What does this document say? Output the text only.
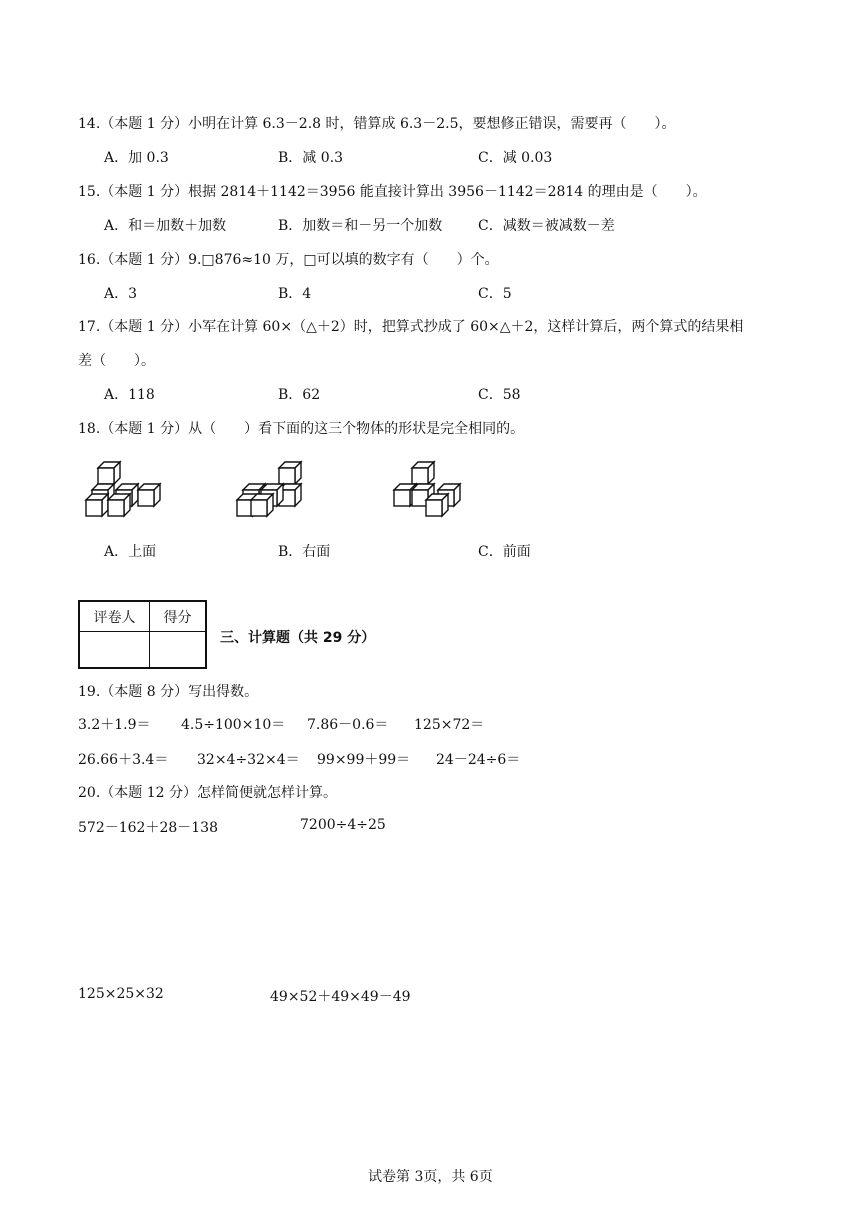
14.（本题 1 分）小明在计算 6.3－2.8 时，错算成 6.3－2.5，要想修正错误，需要再（　　）。
A．加 0.3	B．减 0.3	C．减 0.03
15.（本题 1 分）根据 2814＋1142＝3956 能直接计算出 3956－1142＝2814 的理由是（　　）。
A．和＝加数＋加数	B．加数＝和－另一个加数	C．减数＝被减数－差
16.（本题 1 分）9.□876≈10 万，□可以填的数字有（　　）个。
A．3	B．4	C．5
17.（本题 1 分）小军在计算 60×（△＋2）时，把算式抄成了 60×△＋2，这样计算后，两个算式的结果相
差（　　）。
A．118	B．62	C．58
18.（本题 1 分）从（　　）看下面的这三个物体的形状是完全相同的。
A．上面	B．右面	C．前面
评卷人	得分
三、计算题（共 29 分）
19.（本题 8 分）写出得数。
3.2＋1.9＝ 4.5÷100×10＝ 7.86－0.6＝ 125×72＝
26.66＋3.4＝ 32×4÷32×4＝ 99×99＋99＝ 24－24÷6＝
20.（本题 12 分）怎样简便就怎样计算。
572－162＋28－138	7200÷4÷25
125×25×32	49×52＋49×49－49
试卷第 3页，共 6页
